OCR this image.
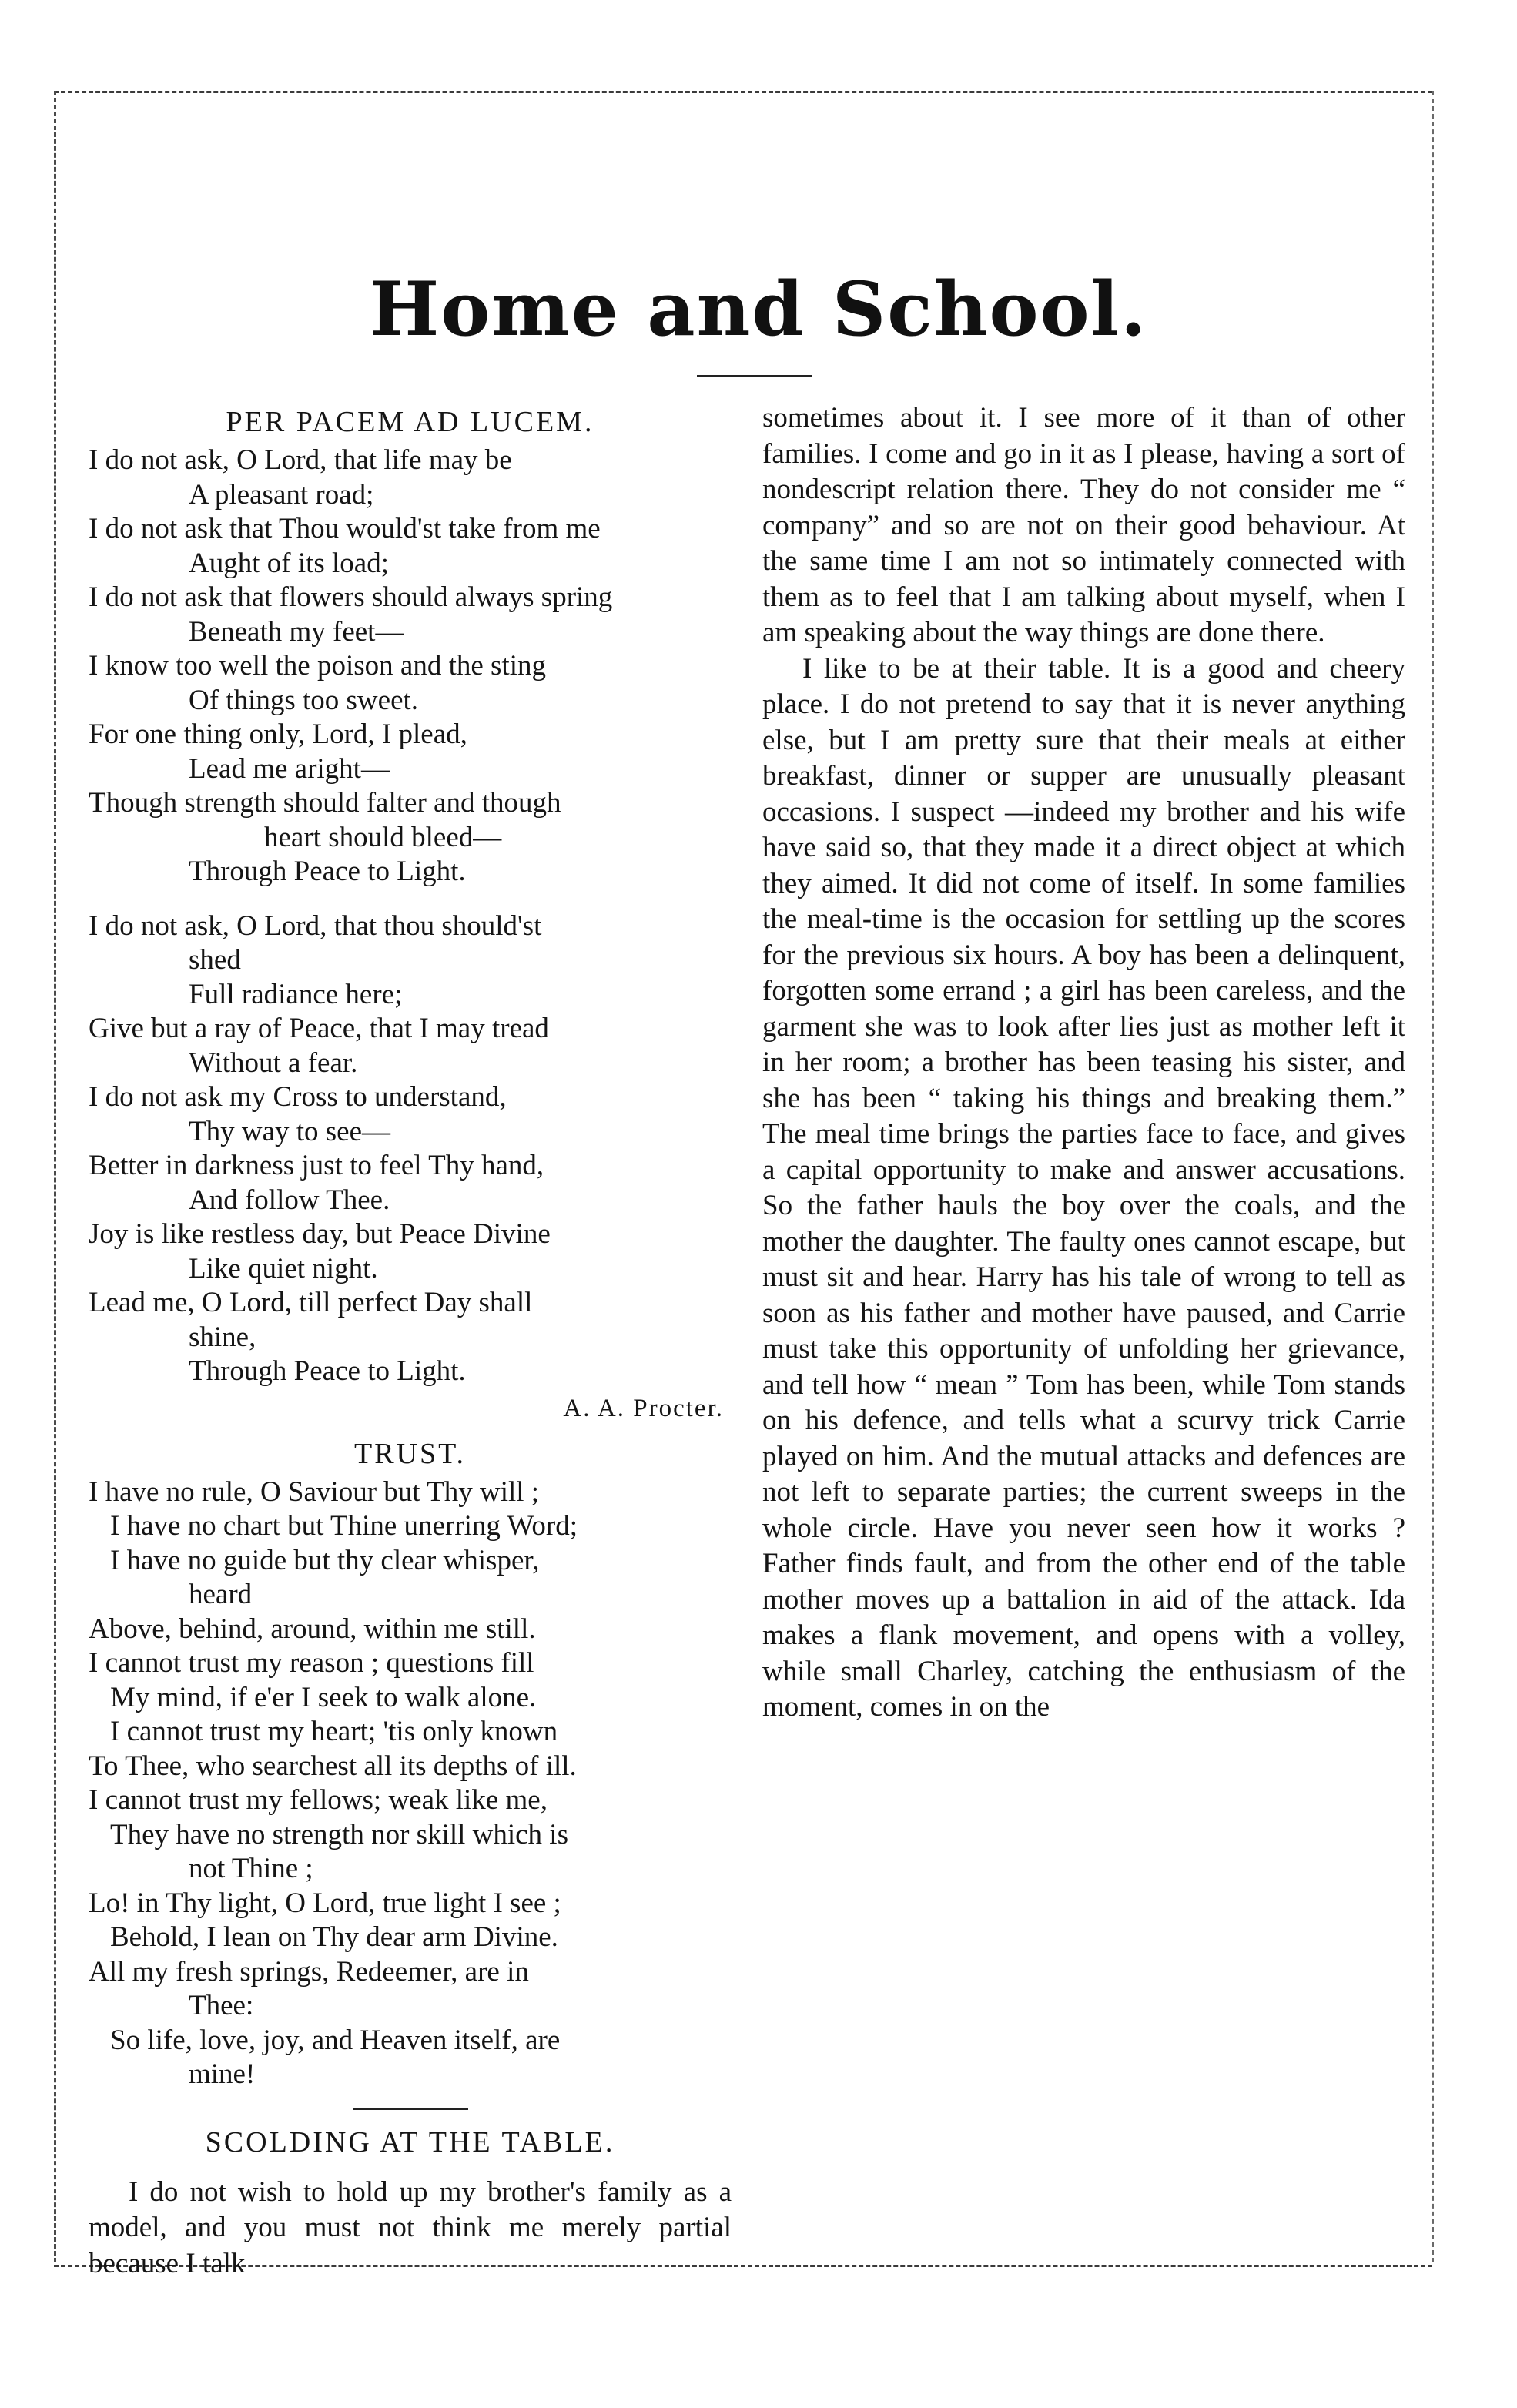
Home and School.
PER PACEM AD LUCEM.
I do not ask, O Lord, that life may be
A pleasant road;
I do not ask that Thou would'st take from me
Aught of its load;
I do not ask that flowers should always spring
Beneath my feet—
I know too well the poison and the sting
Of things too sweet.
For one thing only, Lord, I plead,
Lead me aright—
Though strength should falter and though
heart should bleed—
Through Peace to Light.
I do not ask, O Lord, that thou should'st
shed
Full radiance here;
Give but a ray of Peace, that I may tread
Without a fear.
I do not ask my Cross to understand,
Thy way to see—
Better in darkness just to feel Thy hand,
And follow Thee.
Joy is like restless day, but Peace Divine
Like quiet night.
Lead me, O Lord, till perfect Day shall
shine,
Through Peace to Light.
A. A. Procter.
TRUST.
I have no rule, O Saviour but Thy will ;
I have no chart but Thine unerring Word;
I have no guide but thy clear whisper,
heard
Above, behind, around, within me still.
I cannot trust my reason ; questions fill
My mind, if e'er I seek to walk alone.
I cannot trust my heart; 'tis only known
To Thee, who searchest all its depths of ill.
I cannot trust my fellows; weak like me,
They have no strength nor skill which is
not Thine ;
Lo! in Thy light, O Lord, true light I see ;
Behold, I lean on Thy dear arm Divine.
All my fresh springs, Redeemer, are in
Thee:
So life, love, joy, and Heaven itself, are
mine!
SCOLDING AT THE TABLE.

I do not wish to hold up my brother's family as a model, and you must not think me merely partial because I talk

sometimes about it. I see more of it than of other families. I come and go in it as I please, having a sort of nondescript relation there. They do not consider me “ company” and so are not on their good behaviour. At the same time I am not so intimately connected with them as to feel that I am talking about myself, when I am speaking about the way things are done there.

I like to be at their table. It is a good and cheery place. I do not pretend to say that it is never anything else, but I am pretty sure that their meals at either breakfast, dinner or supper are unusually pleasant occasions. I suspect —indeed my brother and his wife have said so, that they made it a direct object at which they aimed. It did not come of itself. In some families the meal-time is the occasion for settling up the scores for the previous six hours. A boy has been a delinquent, forgotten some errand ; a girl has been careless, and the garment she was to look after lies just as mother left it in her room; a brother has been teasing his sister, and she has been “ taking his things and breaking them.” The meal time brings the parties face to face, and gives a capital opportunity to make and answer accusations. So the father hauls the boy over the coals, and the mother the daughter. The faulty ones cannot escape, but must sit and hear. Harry has his tale of wrong to tell as soon as his father and mother have paused, and Carrie must take this opportunity of unfolding her grievance, and tell how “ mean ” Tom has been, while Tom stands on his defence, and tells what a scurvy trick Carrie played on him. And the mutual attacks and defences are not left to separate parties; the current sweeps in the whole circle. Have you never seen how it works ? Father finds fault, and from the other end of the table mother moves up a battalion in aid of the attack. Ida makes a flank movement, and opens with a volley, while small Charley, catching the enthusiasm of the moment, comes in on the
